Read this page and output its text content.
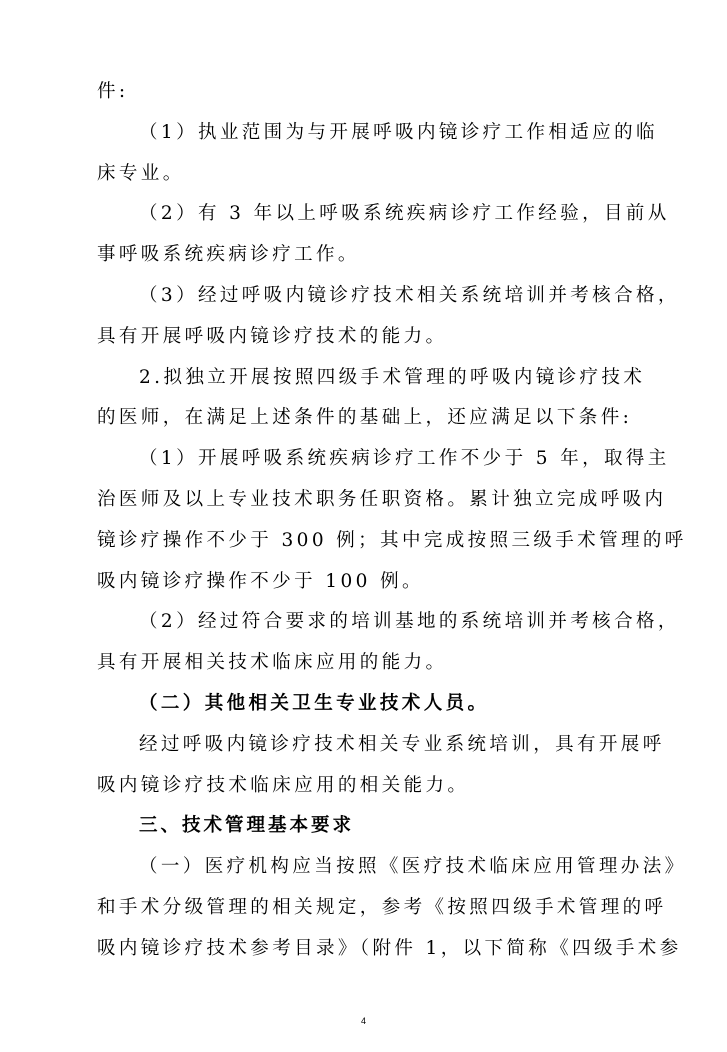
件:
（1）执业范围为与开展呼吸内镜诊疗工作相适应的临
床专业。
（2）有 3 年以上呼吸系统疾病诊疗工作经验，目前从
事呼吸系统疾病诊疗工作。
（3）经过呼吸内镜诊疗技术相关系统培训并考核合格，
具有开展呼吸内镜诊疗技术的能力。
2.拟独立开展按照四级手术管理的呼吸内镜诊疗技术
的医师，在满足上述条件的基础上，还应满足以下条件:
（1）开展呼吸系统疾病诊疗工作不少于 5 年，取得主
治医师及以上专业技术职务任职资格。累计独立完成呼吸内
镜诊疗操作不少于 300 例；其中完成按照三级手术管理的呼
吸内镜诊疗操作不少于 100 例。
（2）经过符合要求的培训基地的系统培训并考核合格，
具有开展相关技术临床应用的能力。
（二）其他相关卫生专业技术人员。
经过呼吸内镜诊疗技术相关专业系统培训，具有开展呼
吸内镜诊疗技术临床应用的相关能力。
三、技术管理基本要求
（一）医疗机构应当按照《医疗技术临床应用管理办法》
和手术分级管理的相关规定，参考《按照四级手术管理的呼
吸内镜诊疗技术参考目录》（附件 1，以下简称《四级手术参
4
